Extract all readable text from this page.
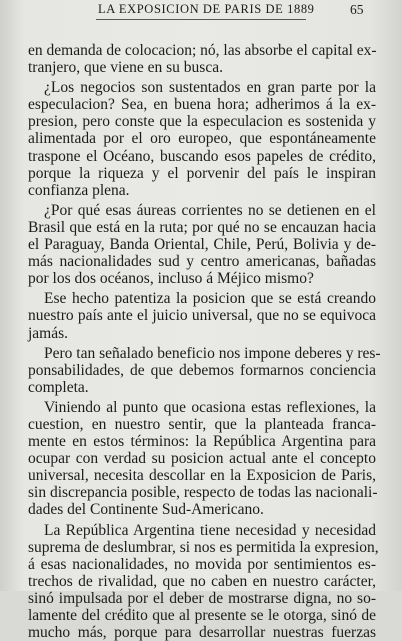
LA EXPOSICION DE PARIS DE 1889	65
en demanda de colocacion; nó, las absorbe el capital ex-
tranjero, que viene en su busca.
¿Los negocios son sustentados en gran parte por la
especulacion? Sea, en buena hora; adherimos á la ex-
presion, pero conste que la especulacion es sostenida y
alimentada por el oro europeo, que espontáneamente
traspone el Océano, buscando esos papeles de crédito,
porque la riqueza y el porvenir del país le inspiran
confianza plena.
¿Por qué esas áureas corrientes no se detienen en el
Brasil que está en la ruta; por qué no se encauzan hacia
el Paraguay, Banda Oriental, Chile, Perú, Bolivia y de-
más nacionalidades sud y centro americanas, bañadas
por los dos océanos, incluso á Méjico mismo?
Ese hecho patentiza la posicion que se está creando
nuestro país ante el juicio universal, que no se equivoca
jamás.
Pero tan señalado beneficio nos impone deberes y res-
ponsabilidades, de que debemos formarnos conciencia
completa.
Viniendo al punto que ocasiona estas reflexiones, la
cuestion, en nuestro sentir, que la planteada franca-
mente en estos términos: la República Argentina para
ocupar con verdad su posicion actual ante el concepto
universal, necesita descollar en la Exposicion de Paris,
sin discrepancia posible, respecto de todas las nacionali-
dades del Continente Sud-Americano.
La República Argentina tiene necesidad y necesidad
suprema de deslumbrar, si nos es permitida la expresion,
á esas nacionalidades, no movida por sentimientos es-
trechos de rivalidad, que no caben en nuestro carácter,
sinó impulsada por el deber de mostrarse digna, no so-
lamente del crédito que al presente se le otorga, sinó de
mucho más, porque para desarrollar nuestras fuerzas
